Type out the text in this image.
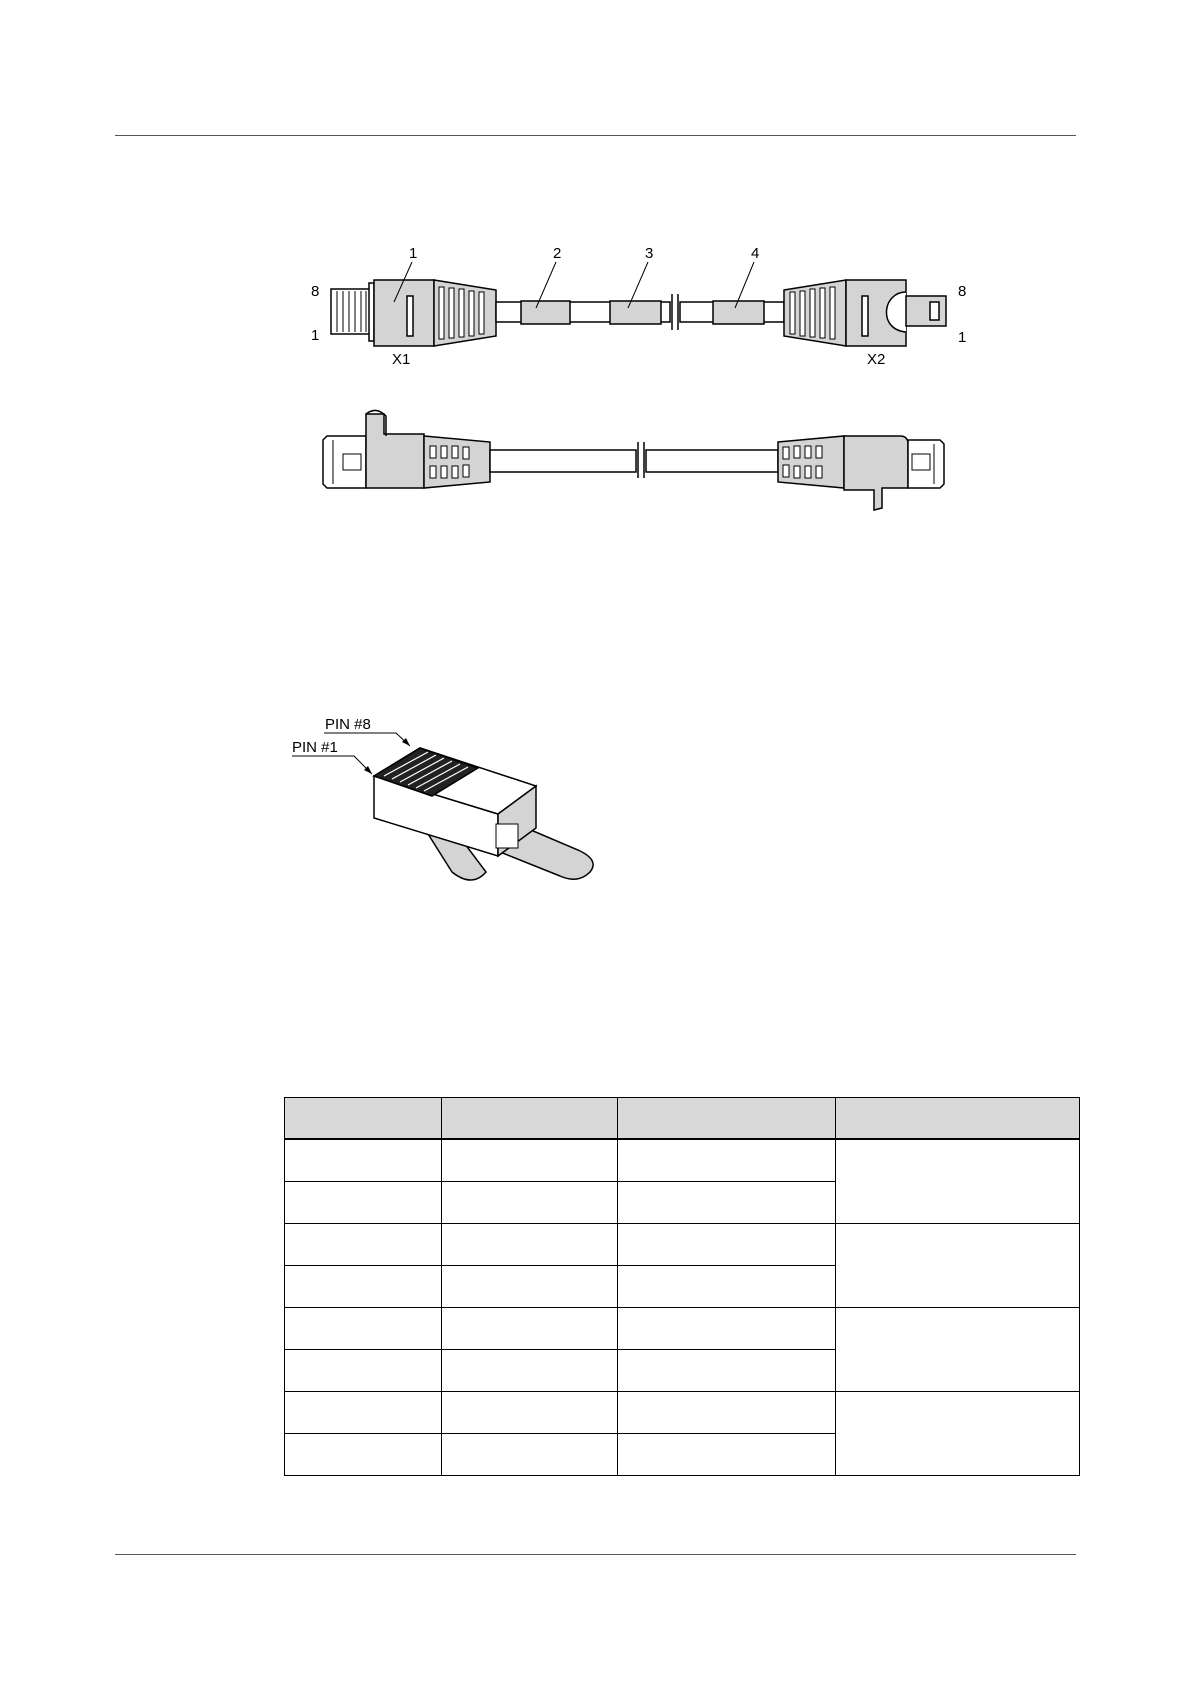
1	2	3	4
8
1
8
1
X1	X2
PIN #8
PIN #1
